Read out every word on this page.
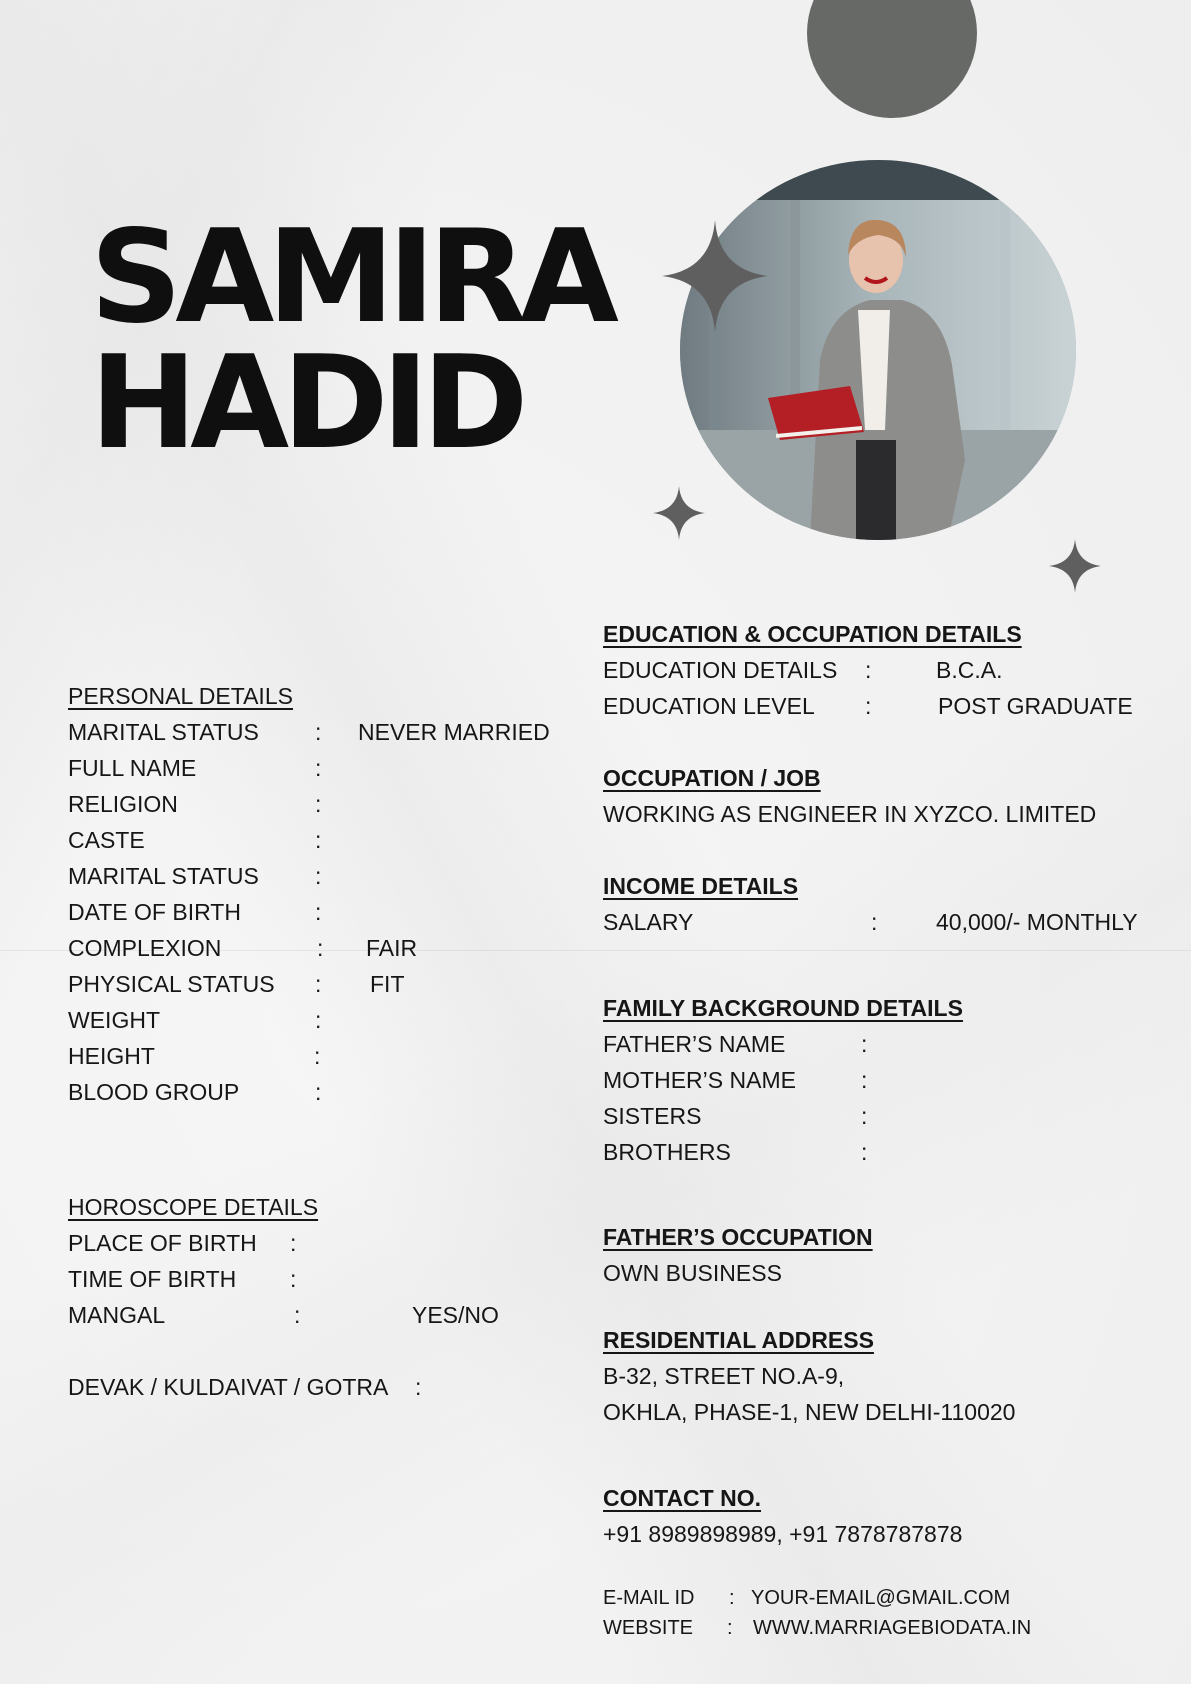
SAMIRA
HADID
PERSONAL DETAILS
MARITAL STATUS : NEVER MARRIED
FULL NAME	:
RELIGION	:
CASTE	:
MARITAL STATUS :
DATE OF BIRTH	:
COMPLEXION	: FAIR
PHYSICAL STATUS : FIT
WEIGHT	:
HEIGHT	:
BLOOD GROUP	:
HOROSCOPE DETAILS
PLACE OF BIRTH :
TIME OF BIRTH :
MANGAL	:	YES/NO
DEVAK / KULDAIVAT / GOTRA :
EDUCATION & OCCUPATION DETAILS
EDUCATION DETAILS :	B.C.A.
EDUCATION LEVEL :	POST GRADUATE
OCCUPATION / JOB
WORKING AS ENGINEER IN XYZCO. LIMITED
INCOME DETAILS
SALARY	:	40,000/- MONTHLY
FAMILY BACKGROUND DETAILS
FATHER’S NAME	:
MOTHER’S NAME	:
SISTERS	:
BROTHERS	:
FATHER’S OCCUPATION
OWN BUSINESS
RESIDENTIAL ADDRESS
B-32, STREET NO.A-9,
OKHLA, PHASE-1, NEW DELHI-110020
CONTACT NO.
+91 8989898989, +91 7878787878
E-MAIL ID : YOUR-EMAIL@GMAIL.COM
WEBSITE : WWW.MARRIAGEBIODATA.IN
